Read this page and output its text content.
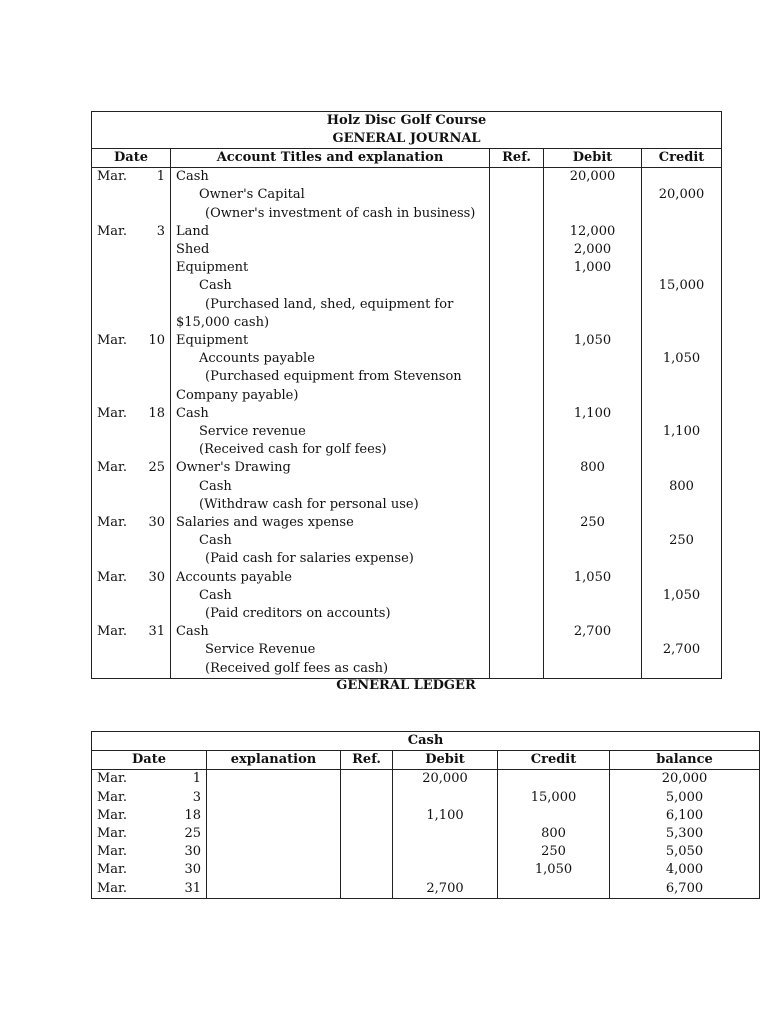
Holz Disc Golf Course				
GENERAL JOURNAL				
Date	Account Titles and explanation	Ref.	Debit	Credit

Mar. 1	Cash		20,000	

	Owner's Capital			20,000

	(Owner's investment of cash in business)			

Mar. 3	Land		12,000	

	Shed		2,000	

	Equipment		1,000	

	Cash			15,000

	(Purchased land, shed, equipment for			

	$15,000 cash)			

Mar. 10	Equipment		1,050	

	Accounts payable			1,050

	(Purchased equipment from Stevenson			

	Company payable)			

Mar. 18	Cash		1,100	

	Service revenue			1,100

	(Received cash for golf fees)			

Mar. 25	Owner's Drawing		800	

	Cash			800

	(Withdraw cash for personal use)			

Mar. 30	Salaries and wages xpense		250	

	Cash			250

	(Paid cash for salaries expense)			

Mar. 30	Accounts payable		1,050	

	Cash			1,050

	(Paid creditors on accounts)			

Mar. 31	Cash		2,700	

	Service Revenue			2,700

	(Received golf fees as cash)			
GENERAL LEDGER
Cash					
Date	explanation	Ref.	Debit	Credit	balance

Mar. 1			20,000		20,000

Mar. 3				15,000	5,000

Mar. 18			1,100		6,100

Mar. 25				800	5,300

Mar. 30				250	5,050

Mar. 30				1,050	4,000

Mar. 31			2,700		6,700
